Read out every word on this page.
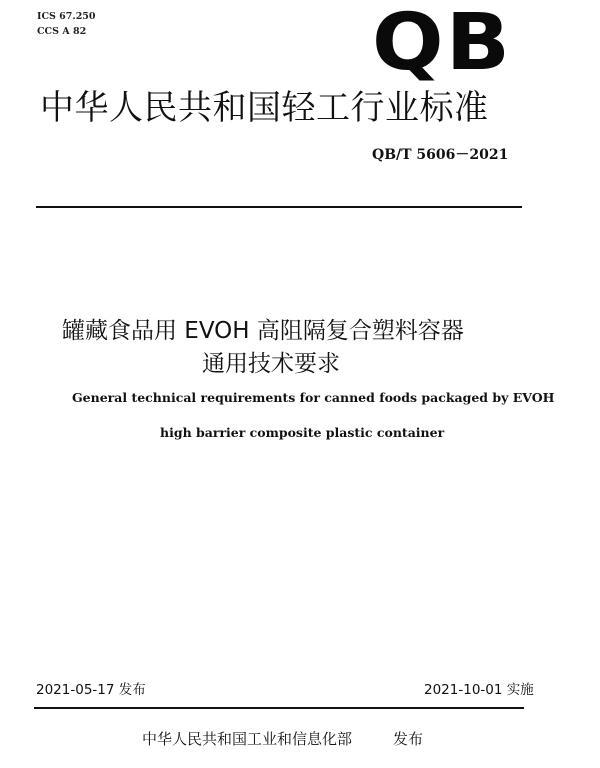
ICS 67.250
CCS A 82	QB
中华人民共和国轻工行业标准
QB/T 5606－2021
罐藏食品用 EVOH 高阻隔复合塑料容器
通用技术要求
General technical requirements for canned foods packaged by EVOH
high barrier composite plastic container
2021-05-17 发布	2021-10-01 实施
中华人民共和国工业和信息化部	发布
